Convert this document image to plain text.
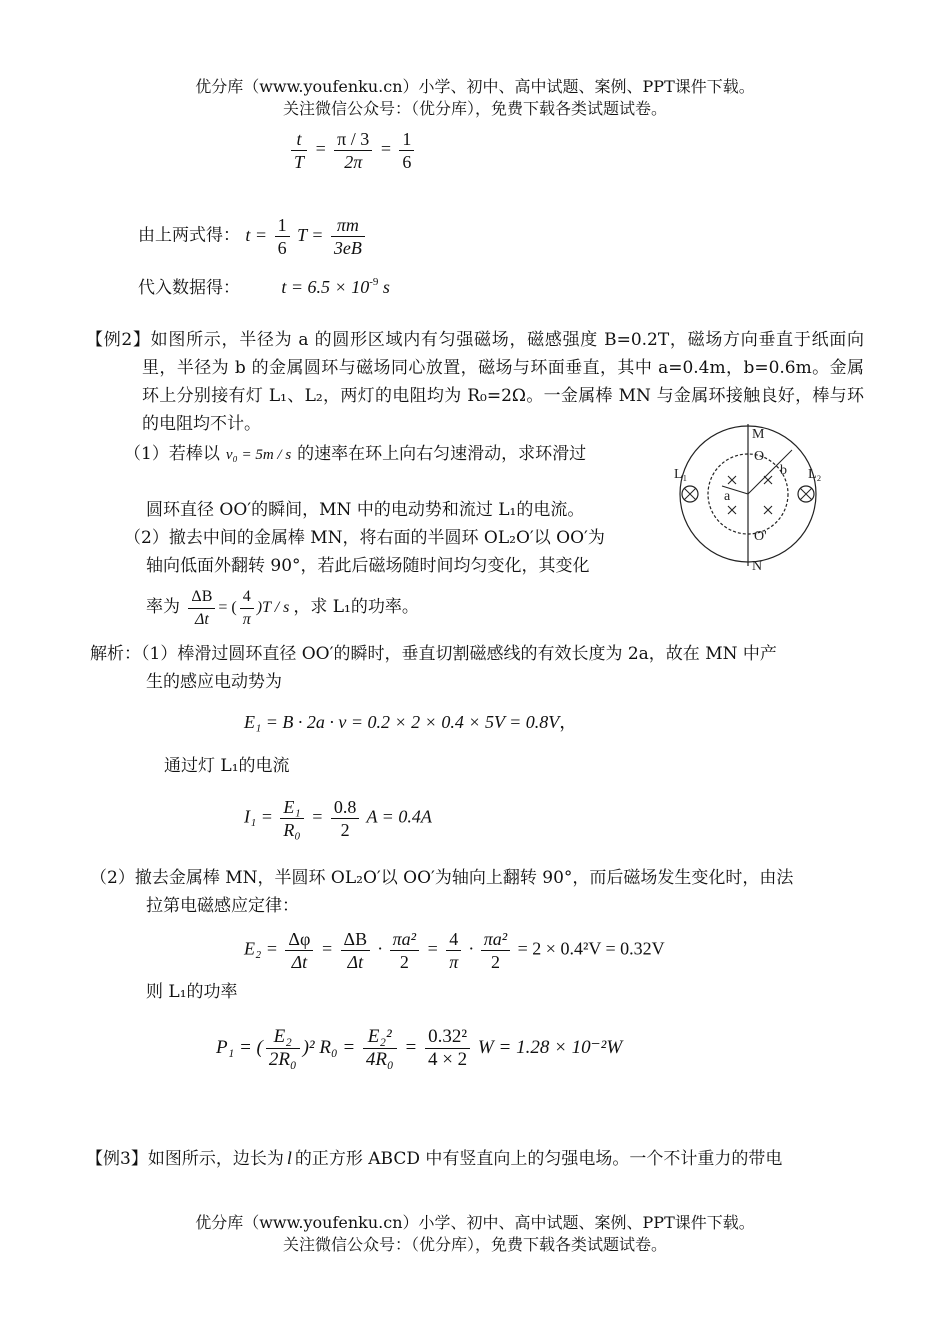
优分库（www.youfenku.cn）小学、初中、高中试题、案例、PPT课件下载。
关注微信公众号：（优分库），免费下载各类试题试卷。
$\frac{t}{T} = \frac{\pi / 3}{2\pi} = \frac{1}{6}$
由上两式得： $t = \frac{1}{6}$ $T = \frac{\pi m}{3eB}$
代入数据得： $t = 6.5 \times 10^{-9}$ s
【例2】如图所示，半径为 a 的圆形区域内有匀强磁场，磁感强度 B=0.2T，磁场方向垂直于纸面向里，半径为 b 的金属圆环与磁场同心放置，磁场与环面垂直，其中 a=0.4m，b=0.6m。金属环上分别接有灯 L₁、L₂，两灯的电阻均为 R₀=2Ω。一金属棒 MN 与金属环接触良好，棒与环的电阻均不计。
（1）若棒以 v₀ = 5m / s 的速率在环上向右匀速滑动，求环滑过
圆环直径 OO′的瞬间，MN 中的电动势和流过 L₁的电流。
（2）撤去中间的金属棒 MN，将右面的半圆环 OL₂O′以 OO′为
轴向低面外翻转 90°，若此后磁场随时间均匀变化，其变化
率为 $\frac{\Delta B}{\Delta t}$ = ( $\frac{4}{\pi} )T$ / s ，求 L₁的功率。
M
N
O
O'
a
b
L₁	L₂
解析：（1）棒滑过圆环直径 OO′的瞬时，垂直切割磁感线的有效长度为 2a，故在 MN 中产
生的感应电动势为
E₁ = B · 2a · v = 0.2 × 2 × 0.4 × 5V = 0.8V，
通过灯 L₁的电流
$I_1 = \frac{\text{E₁}}{\text{R₀}} = \frac{0.8}{2}$ A = 0.4A
（2）撤去金属棒 MN，半圆环 OL₂O′以 OO′为轴向上翻转 90°，而后磁场发生变化时，由法
拉第电磁感应定律：
$E_2 = \frac{\Delta\varphi}{\Delta t} = \frac{\Delta B}{\Delta t} \cdot \frac{\text{πa²}}{2} = \frac{4}{\pi} \cdot \frac{\text{πa²}}{2} = 2 \times 0.4^2V = 0.32V$
则 L₁的功率
P₁ = ( $\frac{\text{E₂}}{\text{2R₀}} )^2$ $R_0 = \frac{\text{E₂²}}{\text{4R₀}} = \frac{\text{0.32²}}{4 \times 2}$ W = 1.28 × 10⁻²W
【例3】如图所示，边长为 l 的正方形 ABCD 中有竖直向上的匀强电场。一个不计重力的带电
优分库（www.youfenku.cn）小学、初中、高中试题、案例、PPT课件下载。
关注微信公众号：（优分库），免费下载各类试题试卷。
